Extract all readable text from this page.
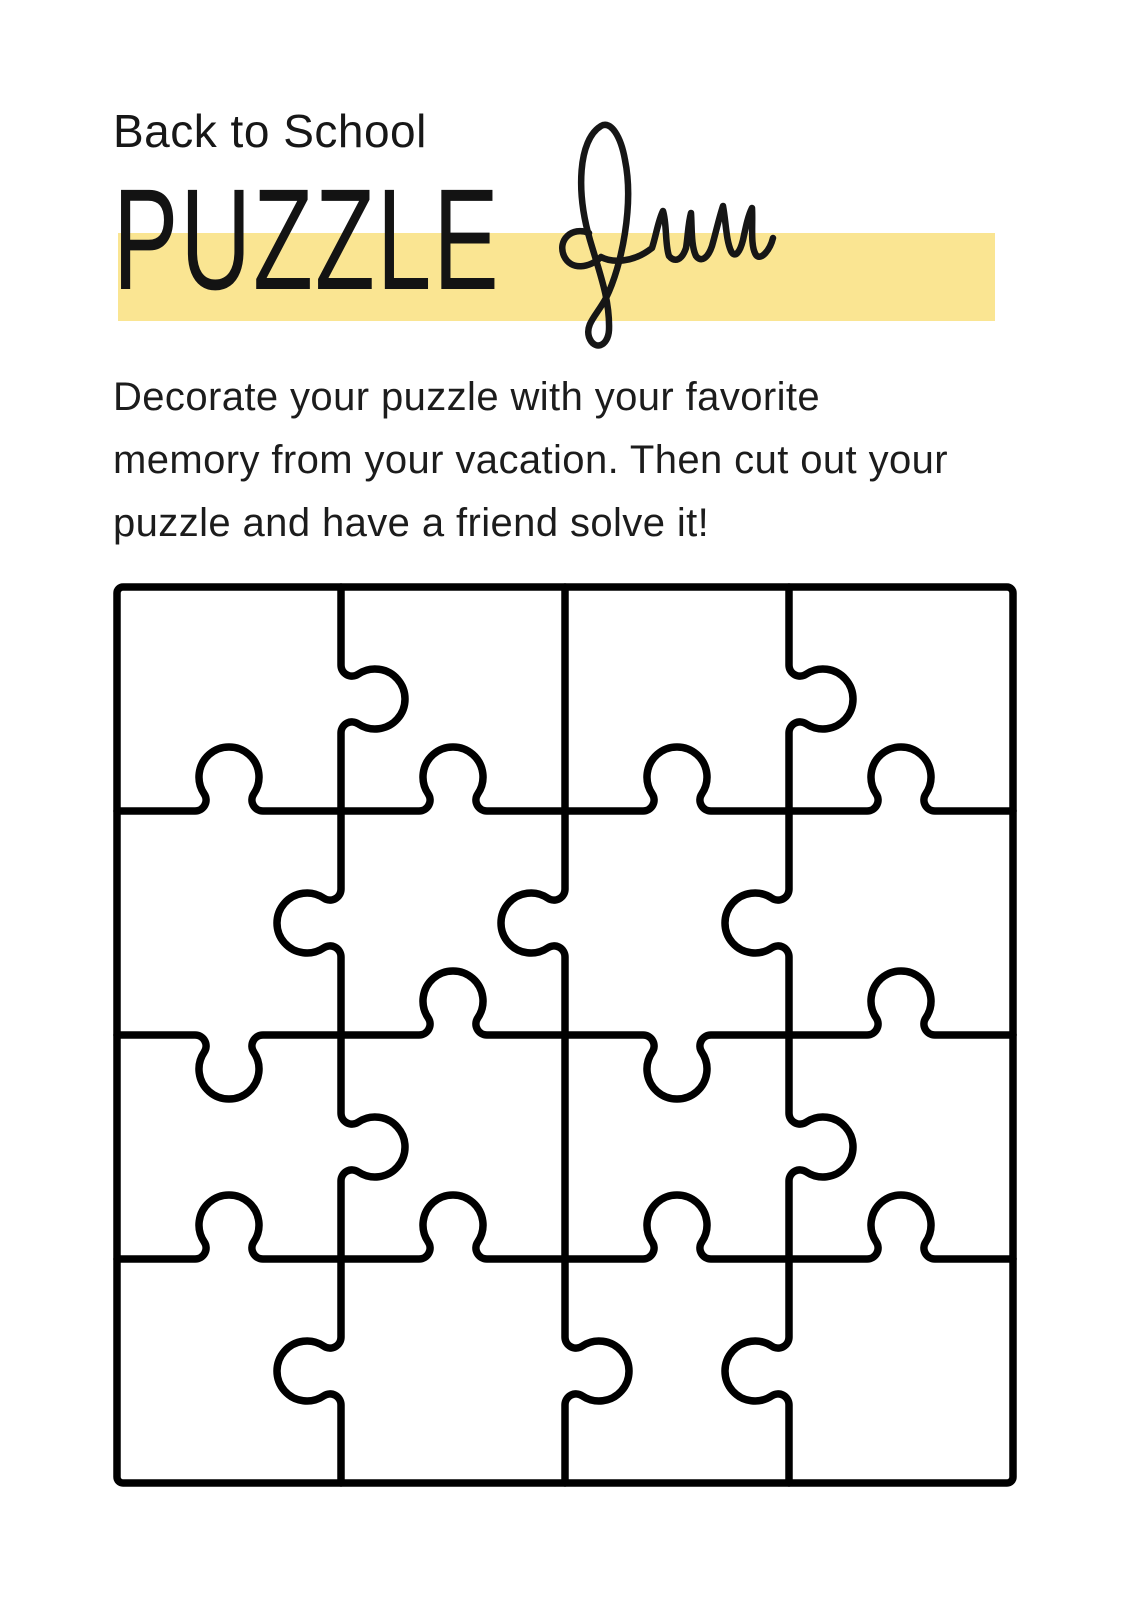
Back to School
PUZZLE
Decorate your puzzle with your favorite
memory from your vacation. Then cut out your
puzzle and have a friend solve it!
